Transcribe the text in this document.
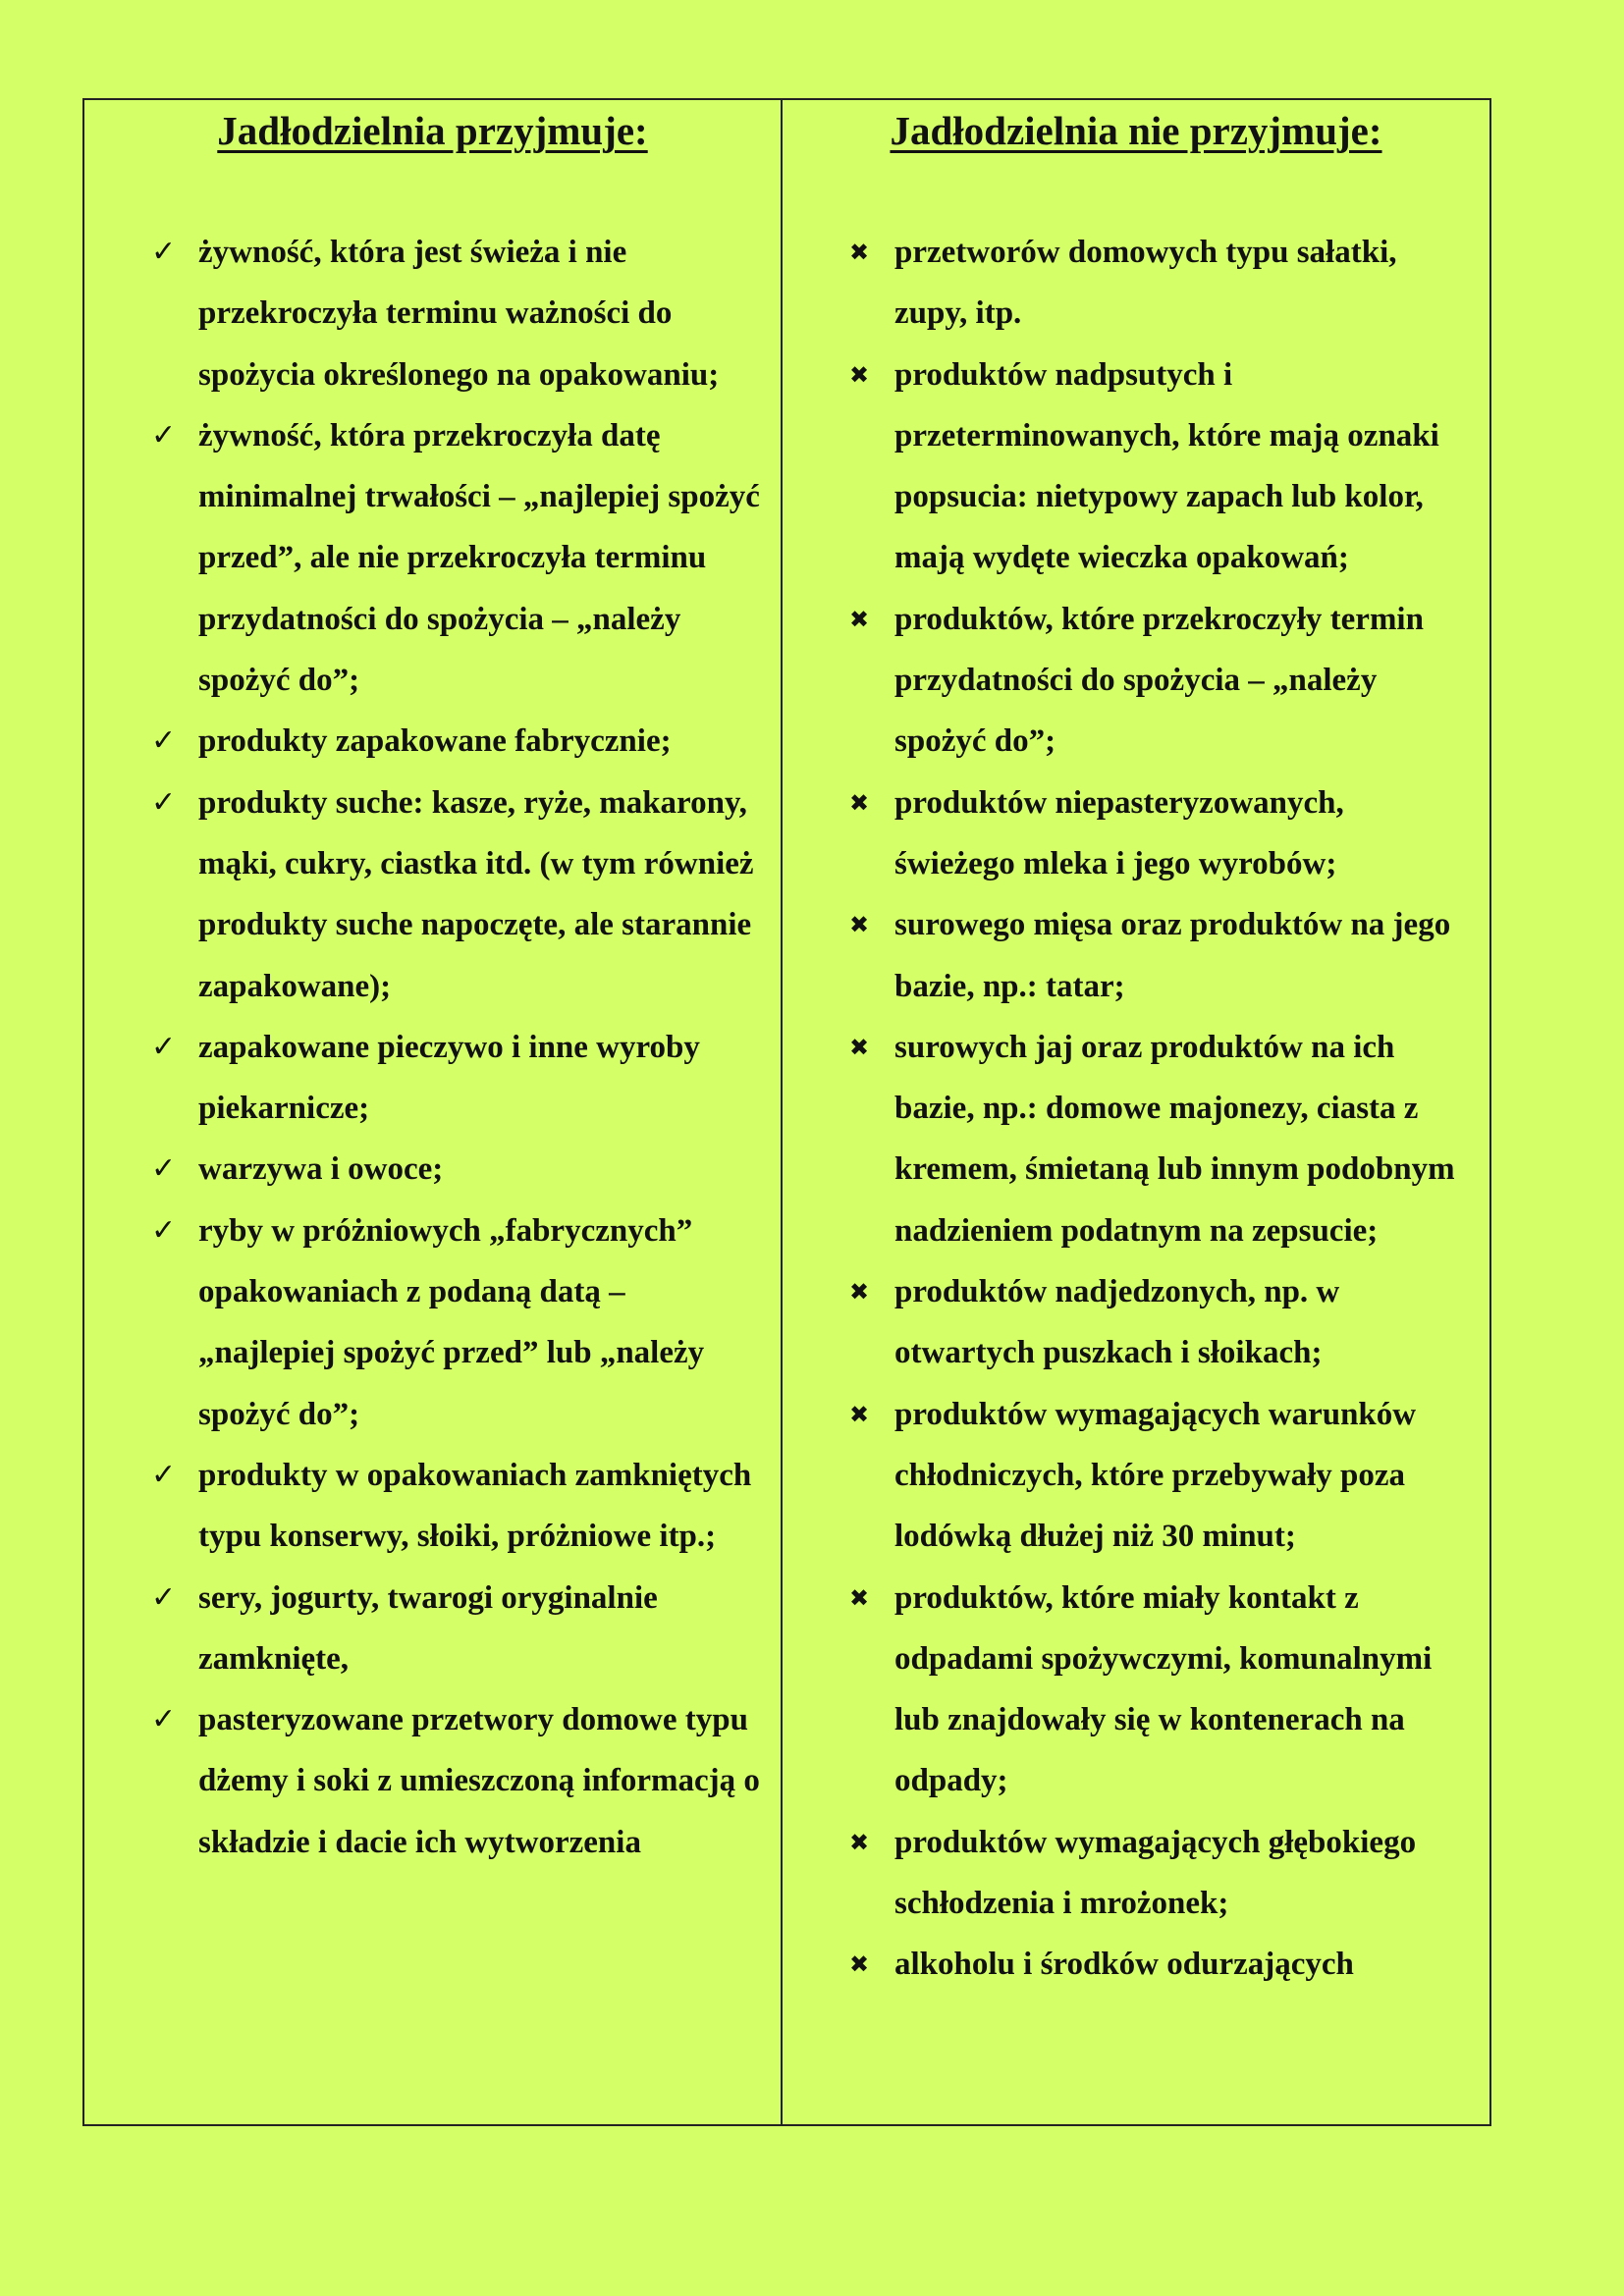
Jadłodzielnia przyjmuje:
✓ żywność, która jest świeża i nie przekroczyła terminu ważności do spożycia określonego na opakowaniu;
✓ żywność, która przekroczyła datę minimalnej trwałości – „najlepiej spożyć przed”, ale nie przekroczyła terminu przydatności do spożycia – „należy spożyć do”;
✓ produkty zapakowane fabrycznie;
✓ produkty suche: kasze, ryże, makarony, mąki, cukry, ciastka itd. (w tym również produkty suche napoczęte, ale starannie zapakowane);
✓ zapakowane pieczywo i inne wyroby piekarnicze;
✓ warzywa i owoce;
✓ ryby w próżniowych „fabrycznych” opakowaniach z podaną datą – „najlepiej spożyć przed” lub „należy spożyć do”;
✓ produkty w opakowaniach zamkniętych typu konserwy, słoiki, próżniowe itp.;
✓ sery, jogurty, twarogi oryginalnie zamknięte,
✓ pasteryzowane przetwory domowe typu dżemy i soki z umieszczoną informacją o składzie i dacie ich wytworzenia
Jadłodzielnia nie przyjmuje:
✖ przetworów domowych typu sałatki, zupy, itp.
✖ produktów nadpsutych i przeterminowanych, które mają oznaki popsucia: nietypowy zapach lub kolor, mają wydęte wieczka opakowań;
✖ produktów, które przekroczyły termin przydatności do spożycia – „należy spożyć do”;
✖ produktów niepasteryzowanych, świeżego mleka i jego wyrobów;
✖ surowego mięsa oraz produktów na jego bazie, np.: tatar;
✖ surowych jaj oraz produktów na ich bazie, np.: domowe majonezy, ciasta z kremem, śmietaną lub innym podobnym nadzieniem podatnym na zepsucie;
✖ produktów nadjedzonych, np. w otwartych puszkach i słoikach;
✖ produktów wymagających warunków chłodniczych, które przebywały poza lodówką dłużej niż 30 minut;
✖ produktów, które miały kontakt z odpadami spożywczymi, komunalnymi lub znajdowały się w kontenerach na odpady;
✖ produktów wymagających głębokiego schłodzenia i mrożonek;
✖ alkoholu i środków odurzających
